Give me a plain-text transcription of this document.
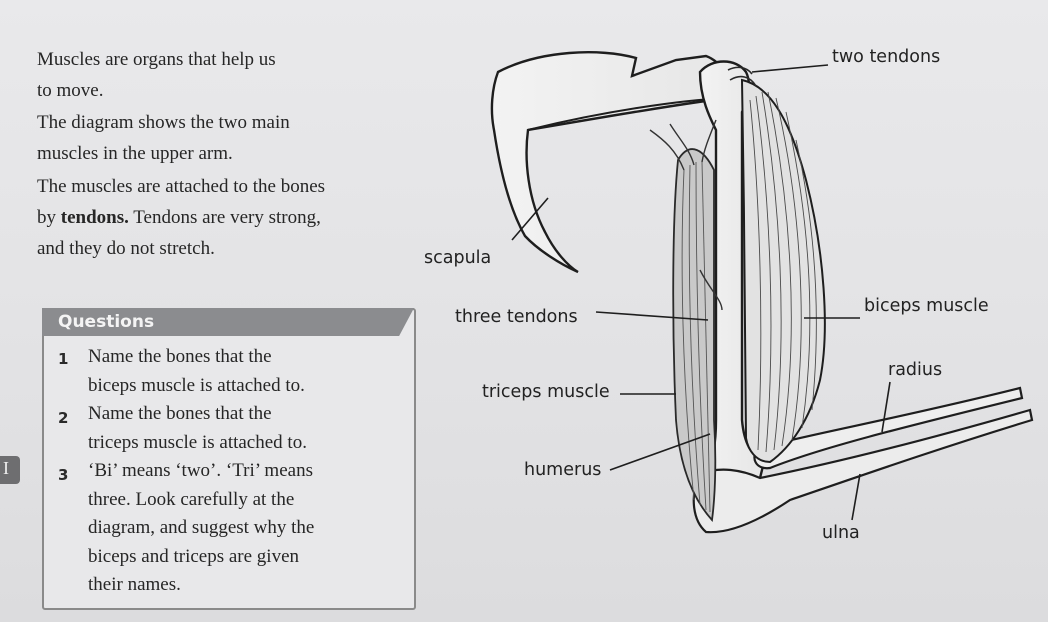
Muscles are organs that help us
to move.

The diagram shows the two main
muscles in the upper arm.

The muscles are attached to the bones
by tendons. Tendons are very strong,
and they do not stretch.

Questions
1 Name the bones that the
biceps muscle is attached to.

2 Name the bones that the
triceps muscle is attached to.

3 ‘Bi’ means ‘two’. ‘Tri’ means
three. Look carefully at the
diagram, and suggest why the
biceps and triceps are given
their names.

I
two tendons
scapula
three tendons
biceps muscle
radius
triceps muscle
humerus
ulna
